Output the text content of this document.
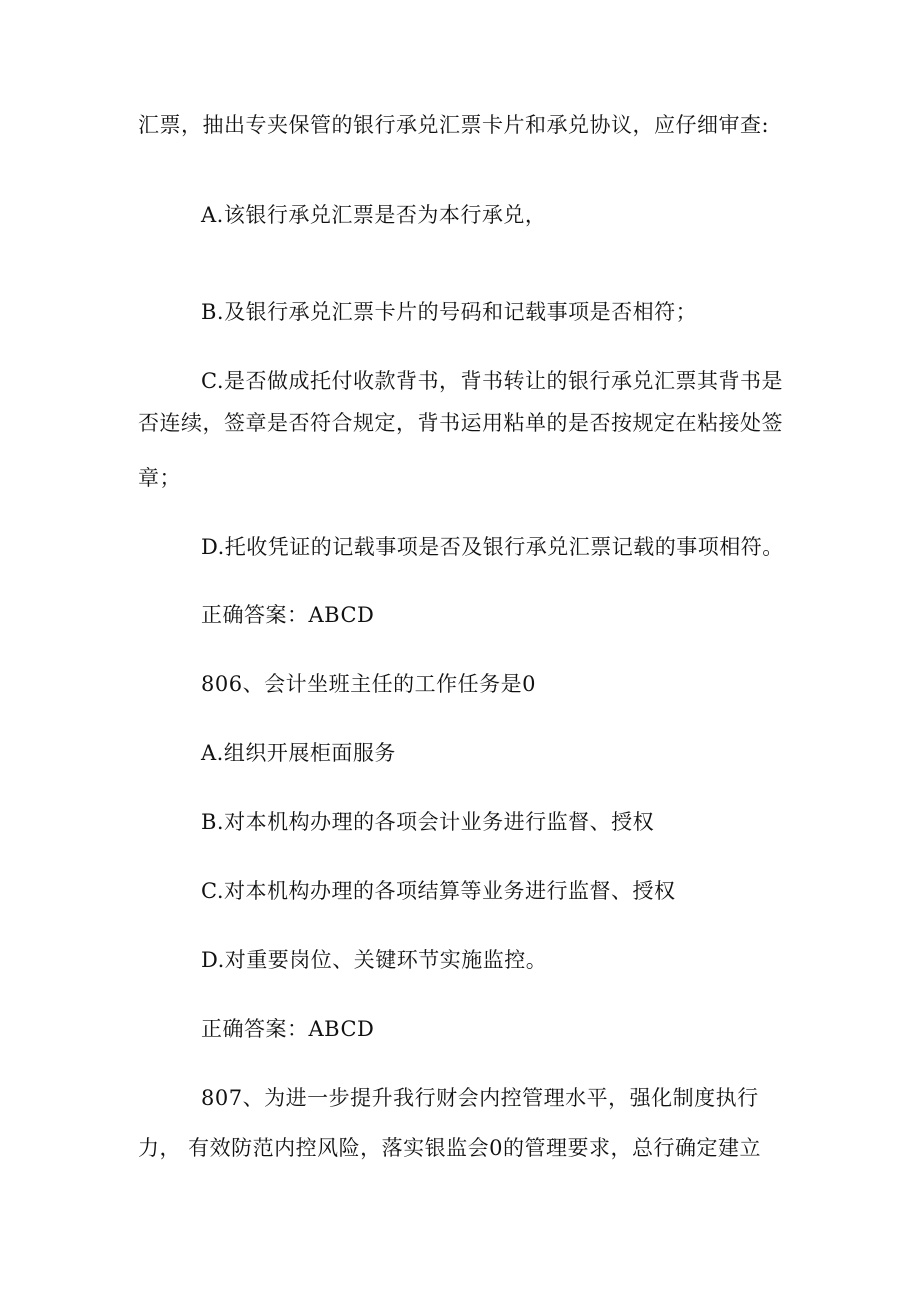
汇票，抽出专夹保管的银行承兑汇票卡片和承兑协议，应仔细审查:
A.该银行承兑汇票是否为本行承兑，
B.及银行承兑汇票卡片的号码和记载事项是否相符；
C.是否做成托付收款背书，背书转让的银行承兑汇票其背书是
否连续，签章是否符合规定，背书运用粘单的是否按规定在粘接处签
章；
D.托收凭证的记载事项是否及银行承兑汇票记载的事项相符。
正确答案：ABCD
806、会计坐班主任的工作任务是0
A.组织开展柜面服务
B.对本机构办理的各项会计业务进行监督、授权
C.对本机构办理的各项结算等业务进行监督、授权
D.对重要岗位、关键环节实施监控。
正确答案：ABCD
807、为进一步提升我行财会内控管理水平，强化制度执行
力， 有效防范内控风险，落实银监会0的管理要求，总行确定建立
